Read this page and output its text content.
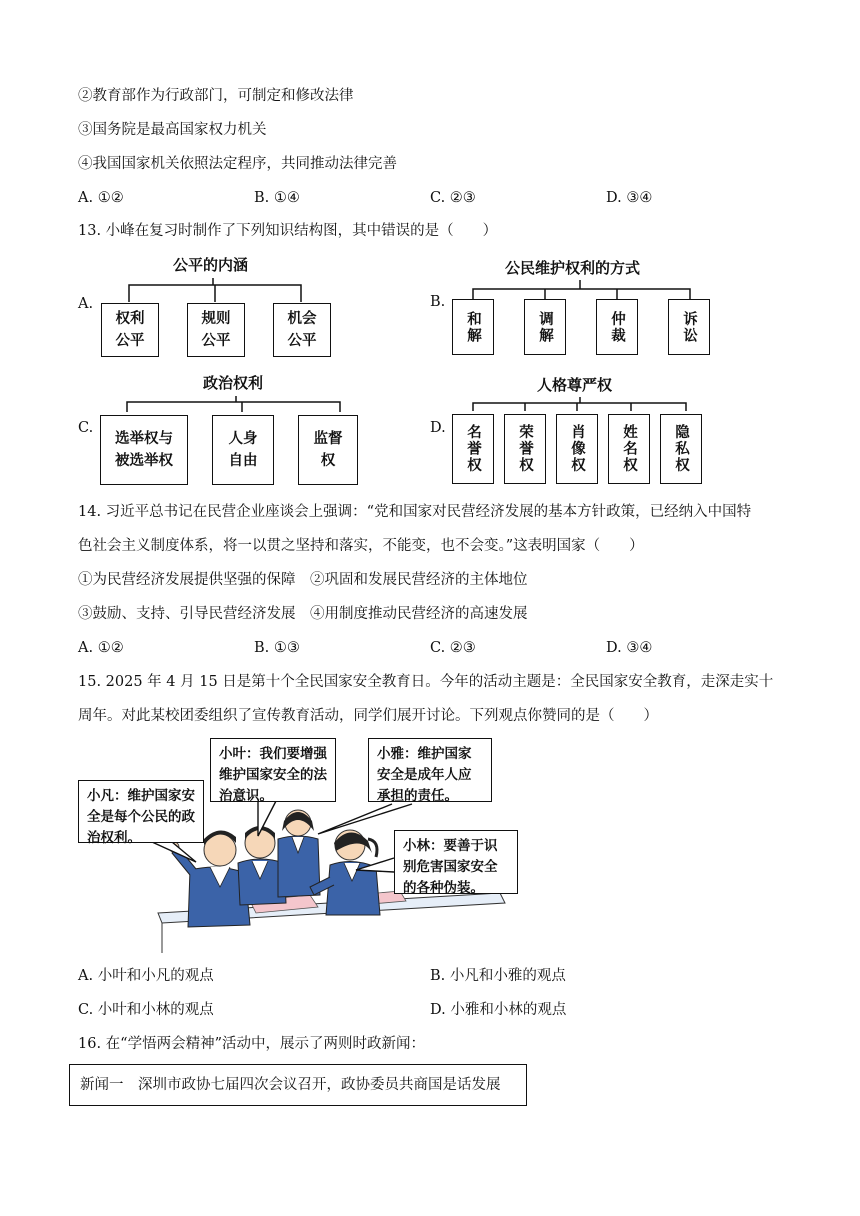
②教育部作为行政部门，可制定和修改法律
③国务院是最高国家权力机关
④我国国家机关依照法定程序，共同推动法律完善
A. ①②	B. ①④	C. ②③	D. ③④
13. 小峰在复习时制作了下列知识结构图，其中错误的是（　　）
A.
公平的内涵
权利
公平
规则
公平
机会
公平
B.
公民维护权利的方式
和解	调解	仲裁	诉讼
C.
政治权利
选举权与
被选举权
人身
自由
监督
权
D.
人格尊严权
名誉权	荣誉权	肖像权	姓名权	隐私权
14. 习近平总书记在民营企业座谈会上强调：“党和国家对民营经济发展的基本方针政策，已经纳入中国特
色社会主义制度体系，将一以贯之坚持和落实，不能变，也不会变。”这表明国家（　　）
①为民营经济发展提供坚强的保障　②巩固和发展民营经济的主体地位
③鼓励、支持、引导民营经济发展　④用制度推动民营经济的高速发展
A. ①②	B. ①③	C. ②③	D. ③④
15. 2025 年 4 月 15 日是第十个全民国家安全教育日。今年的活动主题是：全民国家安全教育，走深走实十
周年。对此某校团委组织了宣传教育活动，同学们展开讨论。下列观点你赞同的是（　　）
小凡：维护国家安全是每个公民的政治权利。
小叶：我们要增强维护国家安全的法治意识。
小雅：维护国家安全是成年人应承担的责任。
小林：要善于识别危害国家安全的各种伪装。
A. 小叶和小凡的观点	B. 小凡和小雅的观点
C. 小叶和小林的观点	D. 小雅和小林的观点
16. 在“学悟两会精神”活动中，展示了两则时政新闻：
新闻一　深圳市政协七届四次会议召开，政协委员共商国是话发展
